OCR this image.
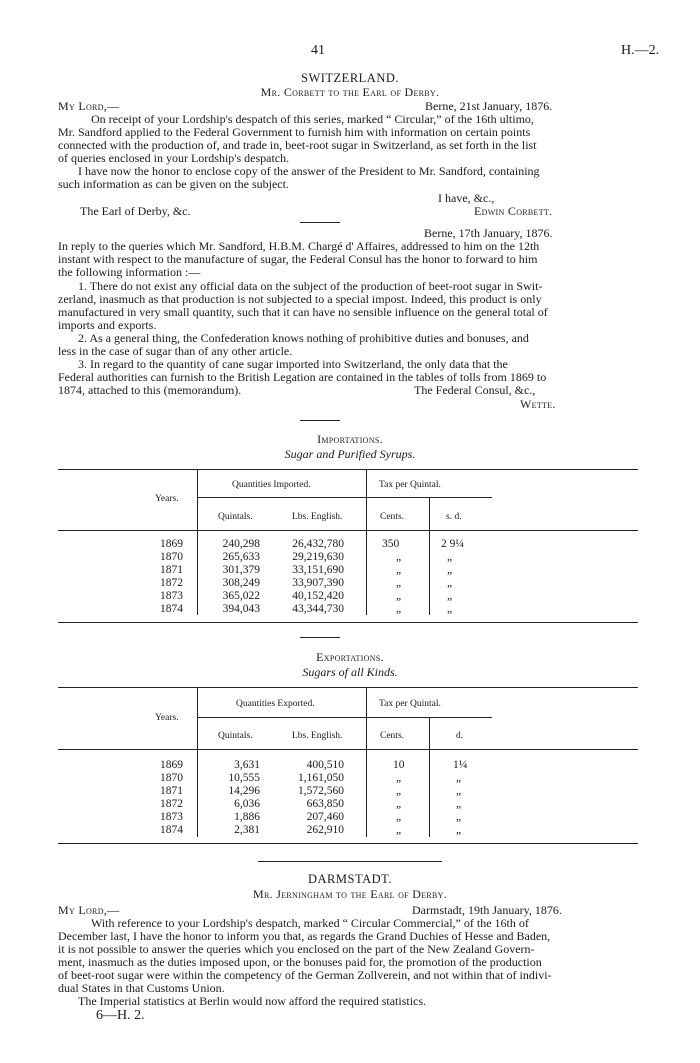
41	H.—2.
SWITZERLAND.
Mr. Corbett to the Earl of Derby.
My Lord,—	Berne, 21st January, 1876.
On receipt of your Lordship's despatch of this series, marked “ Circular,” of the 16th ultimo,
Mr. Sandford applied to the Federal Government to furnish him with information on certain points
connected with the production of, and trade in, beet-root sugar in Switzerland, as set forth in the list
of queries enclosed in your Lordship's despatch.
I have now the honor to enclose copy of the answer of the President to Mr. Sandford, containing
such information as can be given on the subject.
I have, &c.,
The Earl of Derby, &c.	Edwin Corbett.
Berne, 17th January, 1876.
In reply to the queries which Mr. Sandford, H.B.M. Chargé d' Affaires, addressed to him on the 12th
instant with respect to the manufacture of sugar, the Federal Consul has the honor to forward to him
the following information :—
1. There do not exist any official data on the subject of the production of beet-root sugar in Swit-
zerland, inasmuch as that production is not subjected to a special impost. Indeed, this product is only
manufactured in very small quantity, such that it can have no sensible influence on the general total of
imports and exports.
2. As a general thing, the Confederation knows nothing of prohibitive duties and bonuses, and
less in the case of sugar than of any other article.
3. In regard to the quantity of cane sugar imported into Switzerland, the only data that the
Federal authorities can furnish to the British Legation are contained in the tables of tolls from 1869 to
1874, attached to this (memorandum).	The Federal Consul, &c.,
Wette.
Importations.
Sugar and Purified Syrups.
Years.
Quantities Imported.	Tax per Quintal.
Quintals.	Lbs. English.	Cents.	s. d.
1869	240,298	26,432,780	350	2 9¼
1870	265,633	29,219,630	„	„
1871	301,379	33,151,690	„	„
1872	308,249	33,907,390	„	„
1873	365,022	40,152,420	„	„
1874	394,043	43,344,730	„	„
Exportations.
Sugars of all Kinds.
Years.
Quantities Exported.	Tax per Quintal.
Quintals.	Lbs. English.	Cents.	d.
1869	3,631	400,510	10	1¼
1870	10,555	1,161,050	„	„
1871	14,296	1,572,560	„	„
1872	6,036	663,850	„	„
1873	1,886	207,460	„	„
1874	2,381	262,910	„	„
DARMSTADT.
Mr. Jerningham to the Earl of Derby.
My Lord,—	Darmstadt, 19th January, 1876.
With reference to your Lordship's despatch, marked “ Circular Commercial,” of the 16th of
December last, I have the honor to inform you that, as regards the Grand Duchies of Hesse and Baden,
it is not possible to answer the queries which you enclosed on the part of the New Zealand Govern-
ment, inasmuch as the duties imposed upon, or the bonuses paid for, the promotion of the production
of beet-root sugar were within the competency of the German Zollverein, and not within that of indivi-
dual States in that Customs Union.
The Imperial statistics at Berlin would now afford the required statistics.
6—H. 2.
